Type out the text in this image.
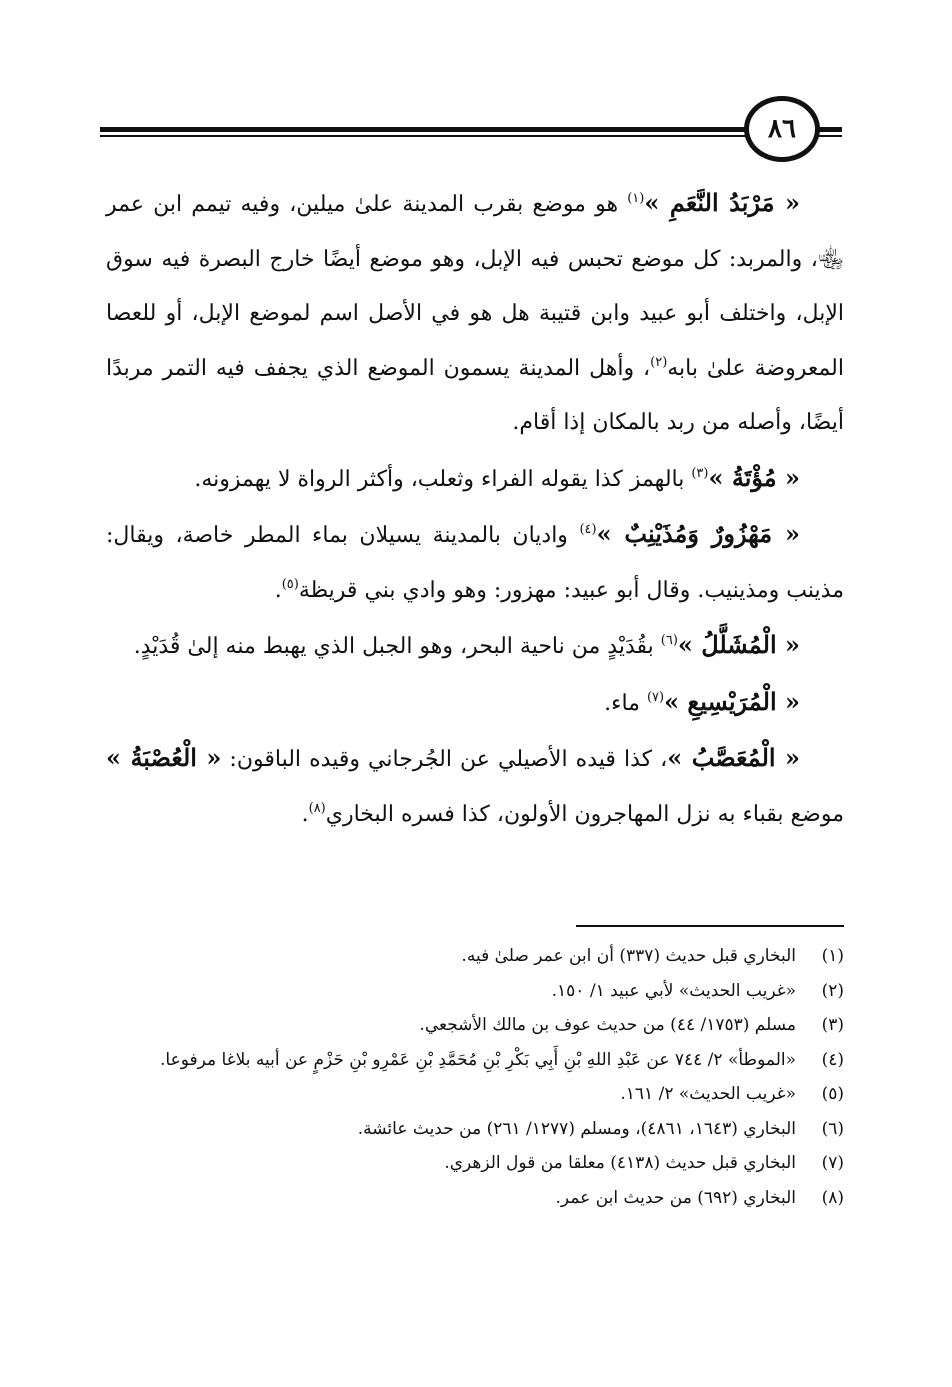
٨٦

« مَرْبَدُ النَّعَمِ »$^{(١)}$ هو موضع بقرب المدينة علىٰ ميلين، وفيه تيمم ابن عمر ﵄، والمربد: كل موضع تحبس فيه الإبل، وهو موضع أيضًا خارج البصرة فيه سوق الإبل، واختلف أبو عبيد وابن قتيبة هل هو في الأصل اسم لموضع الإبل، أو للعصا المعروضة علىٰ بابه$^{(٢)}$، وأهل المدينة يسمون الموضع الذي يجفف فيه التمر مربدًا أيضًا، وأصله من ربد بالمكان إذا أقام.

« مُؤْتَةُ »$^{(٣)}$ بالهمز كذا يقوله الفراء وثعلب، وأكثر الرواة لا يهمزونه.

« مَهْزُورٌ وَمُذَيْنِبٌ »$^{(٤)}$ واديان بالمدينة يسيلان بماء المطر خاصة، ويقال: مذينب ومذينيب. وقال أبو عبيد: مهزور: وهو وادي بني قريظة$^{(٥)}$.

« الْمُشَلَّلُ »$^{(٦)}$ بقُدَيْدٍ من ناحية البحر، وهو الجبل الذي يهبط منه إلىٰ قُدَيْدٍ.

« الْمُرَيْسِيعِ »$^{(٧)}$ ماء.

« الْمُعَصَّبُ »، كذا قيده الأصيلي عن الجُرجاني وقيده الباقون: « الْعُصْبَةُ » موضع بقباء به نزل المهاجرون الأولون، كذا فسره البخاري$^{(٨)}$.

(١)
البخاري قبل حديث (٣٣٧) أن ابن عمر صلىٰ فيه.
(٢)
«غريب الحديث» لأبي عبيد ١/ ١٥٠.
(٣)
مسلم (١٧٥٣/ ٤٤) من حديث عوف بن مالك الأشجعي.
(٤)
«الموطأ» ٢/ ٧٤٤ عن عَبْدِ اللهِ بْنِ أَبِي بَكْرِ بْنِ مُحَمَّدِ بْنِ عَمْرِو بْنِ حَزْمٍ عن أبيه بلاغا مرفوعا.
(٥)
«غريب الحديث» ٢/ ١٦١.
(٦)
البخاري (١٦٤٣، ٤٨٦١)، ومسلم (١٢٧٧/ ٢٦١) من حديث عائشة.
(٧)
البخاري قبل حديث (٤١٣٨) معلقا من قول الزهري.
(٨)
البخاري (٦٩٢) من حديث ابن عمر.
